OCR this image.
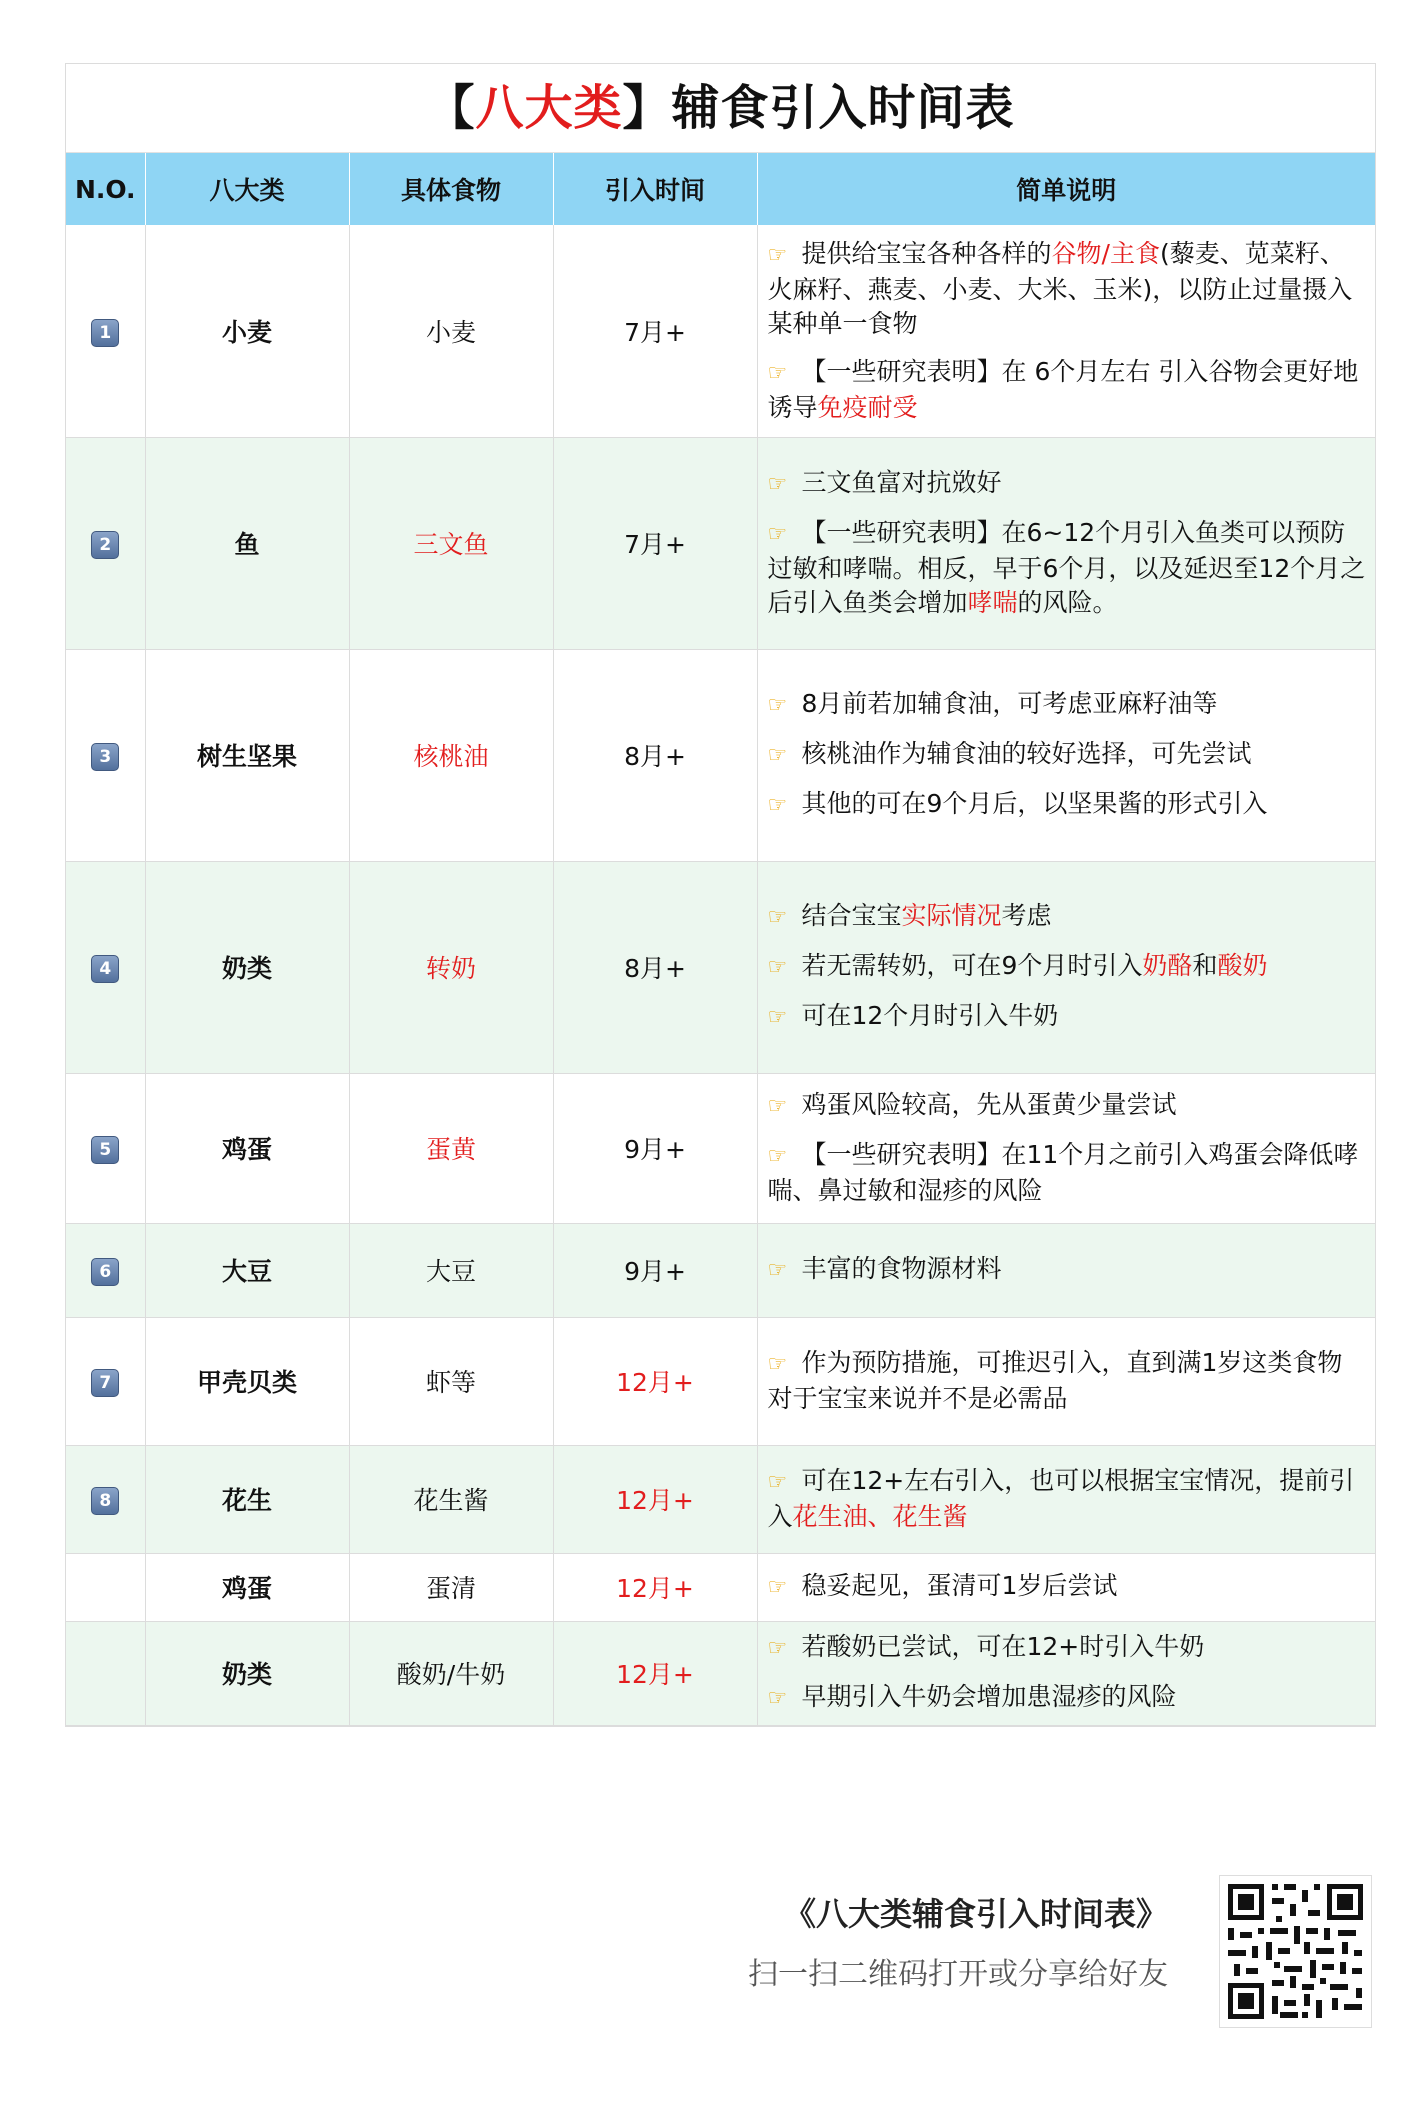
【八大类】辅食引入时间表
N.O.	八大类	具体食物	引入时间	简单说明
1	小麦	小麦	7月+	☞ 提供给宝宝各种各样的谷物/主食(藜麦、苋菜籽、火麻籽、燕麦、小麦、大米、玉米)，以防止过量摄入某种单一食物
☞ 【一些研究表明】在 6个月左右 引入谷物会更好地诱导免疫耐受

2	鱼	三文鱼	7月+	☞ 三文鱼富对抗敚好
☞ 【一些研究表明】在6~12个月引入鱼类可以预防过敏和哮喘。相反，早于6个月，以及延迟至12个月之后引入鱼类会增加哮喘的风险。

3	树生坚果	核桃油	8月+	☞ 8月前若加辅食油，可考虑亚麻籽油等
☞ 核桃油作为辅食油的较好选择，可先尝试
☞ 其他的可在9个月后，以坚果酱的形式引入

4	奶类	转奶	8月+	☞ 结合宝宝实际情况考虑
☞ 若无需转奶，可在9个月时引入奶酪和酸奶
☞ 可在12个月时引入牛奶

5	鸡蛋	蛋黄	9月+	☞ 鸡蛋风险较高，先从蛋黄少量尝试
☞ 【一些研究表明】在11个月之前引入鸡蛋会降低哮喘、鼻过敏和湿疹的风险

6	大豆	大豆	9月+	☞ 丰富的食物源材料

7	甲壳贝类	虾等	12月+	☞ 作为预防措施，可推迟引入，直到满1岁这类食物对于宝宝来说并不是必需品

8	花生	花生酱	12月+	☞ 可在12+左右引入，也可以根据宝宝情况，提前引入花生油、花生酱

	鸡蛋	蛋清	12月+	☞ 稳妥起见，蛋清可1岁后尝试

	奶类	酸奶/牛奶	12月+	☞ 若酸奶已尝试，可在12+时引入牛奶
☞ 早期引入牛奶会增加患湿疹的风险
《八大类辅食引入时间表》
扫一扫二维码打开或分享给好友
